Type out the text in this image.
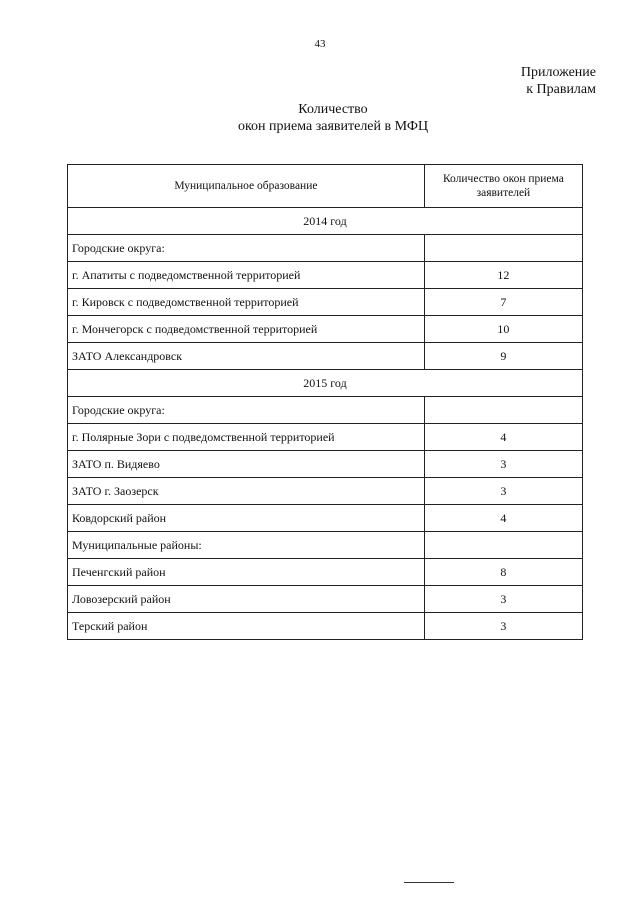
43
Приложение
к Правилам
Количество
окон приема заявителей в МФЦ
Муниципальное образование	Количество окон приема заявителей
2014 год	
Городские округа:	
г. Апатиты с подведомственной территорией	12
г. Кировск с подведомственной территорией	7
г. Мончегорск с подведомственной территорией	10
ЗАТО Александровск	9
2015 год	
Городские округа:	
г. Полярные Зори с подведомственной территорией	4
ЗАТО п. Видяево	3
ЗАТО г. Заозерск	3
Ковдорский район	4
Муниципальные районы:	
Печенгский район	8
Ловозерский район	3
Терский район	3
